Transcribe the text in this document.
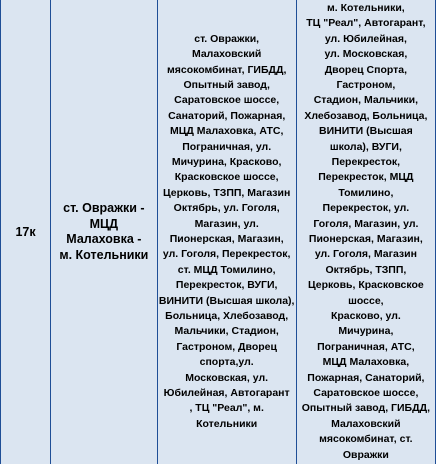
17к	
ст. Овражки -
МЦД
Малаховка -
м. Котельники

ст. Овражки,
Малаховский
мясокомбинат, ГИБДД,
Опытный завод,
Саратовское шоссе,
Санаторий, Пожарная,
МЦД Малаховка, АТС,
Пограничная, ул.
Мичурина, Красково,
Красковское шоссе,
Церковь, ТЗПП, Магазин
Октябрь, ул. Гоголя,
Магазин, ул.
Пионерская, Магазин,
ул. Гоголя, Перекресток,
ст. МЦД Томилино,
Перекресток, ВУГИ,
ВИНИТИ (Высшая школа),
Больница, Хлебозавод,
Мальчики, Стадион,
Гастроном, Дворец
спорта,ул.
Московская, ул.
Юбилейная, Автогарант
, ТЦ "Реал", м.
Котельники

м. Котельники,
ТЦ "Реал", Автогарант,
ул. Юбилейная,
ул. Московская,
Дворец Спорта,
Гастроном,
Стадион, Мальчики,
Хлебозавод, Больница,
ВИНИТИ (Высшая
школа), ВУГИ,
Перекресток,
Перекресток, МЦД
Томилино,
Перекресток, ул.
Гоголя, Магазин, ул.
Пионерская, Магазин,
ул. Гоголя, Магазин
Октябрь, ТЗПП,
Церковь, Красковское
шоссе,
Красково, ул.
Мичурина,
Пограничная, АТС,
МЦД Малаховка,
Пожарная, Санаторий,
Саратовское шоссе,
Опытный завод, ГИБДД,
Малаховский
мясокомбинат, ст.
Овражки
